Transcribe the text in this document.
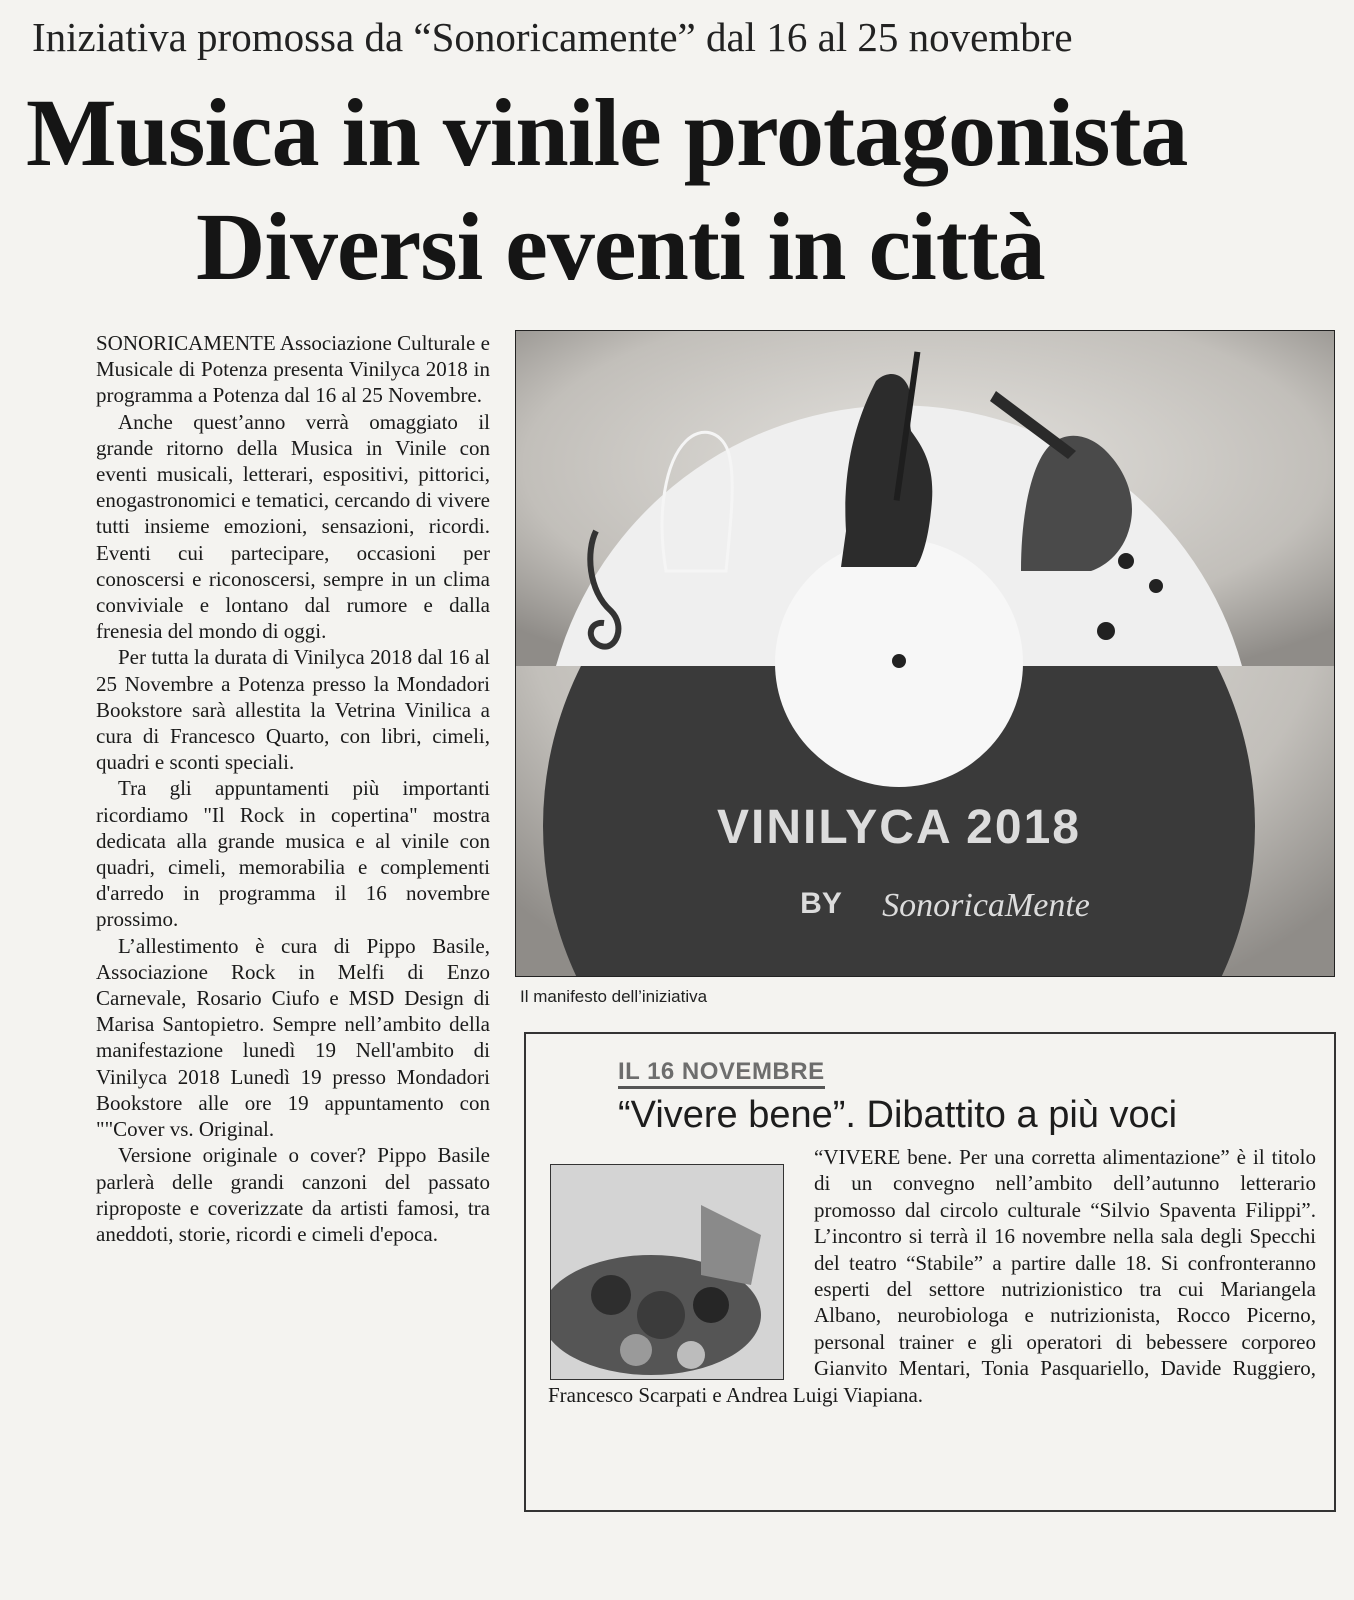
Iniziativa promossa da “Sonoricamente” dal 16 al 25 novembre
Musica in vinile protagonista
Diversi eventi in città

SONORICAMENTE Associazione Culturale e Musicale di Potenza presenta Vinilyca 2018 in programma a Potenza dal 16 al 25 Novembre.

Anche quest’anno verrà omaggiato il grande ritorno della Musica in Vinile con eventi musicali, letterari, espositivi, pittorici, enogastronomici e tematici, cercando di vivere tutti insieme emozioni, sensazioni, ricordi. Eventi cui partecipare, occasioni per conoscersi e riconoscersi, sempre in un clima conviviale e lontano dal rumore e dalla frenesia del mondo di oggi.

Per tutta la durata di Vinilyca 2018 dal 16 al 25 Novembre a Potenza presso la Mondadori Bookstore sarà allestita la Vetrina Vinilica a cura di Francesco Quarto, con libri, cimeli, quadri e sconti speciali.

Tra gli appuntamenti più importanti ricordiamo "Il Rock in copertina" mostra dedicata alla grande musica e al vinile con quadri, cimeli, memorabilia e complementi d'arredo in programma il 16 novembre prossimo.

L’allestimento è cura di Pippo Basile, Associazione Rock in Melfi di Enzo Carnevale, Rosario Ciufo e MSD Design di Marisa Santopietro. Sempre nell’ambito della manifestazione lunedì 19 Nell'ambito di Vinilyca 2018 Lunedì 19 presso Mondadori Bookstore alle ore 19 appuntamento con ""Cover vs. Original.

Versione originale o cover? Pippo Basile parlerà delle grandi canzoni del passato riproposte e coverizzate da artisti famosi, tra aneddoti, storie, ricordi e cimeli d'epoca.

VINILYCA 2018
BY SonoricaMente
Il manifesto dell’iniziativa
IL 16 NOVEMBRE
“Vivere bene”. Dibattito a più voci

“VIVERE bene. Per una corretta alimentazione” è il titolo di un convegno nell’ambito dell’autunno letterario promosso dal circolo culturale “Silvio Spaventa Filippi”. L’incontro si terrà il 16 novembre nella sala degli Specchi del teatro “Stabile” a partire dalle 18. Si confronteranno esperti del settore nutrizionistico tra cui Mariangela Albano, neurobiologa e nutrizionista, Rocco Picerno, personal trainer e gli operatori di bebessere corporeo Gianvito Mentari, Tonia Pasquariello, Davide Ruggiero, Francesco Scarpati e Andrea Luigi Viapiana.
